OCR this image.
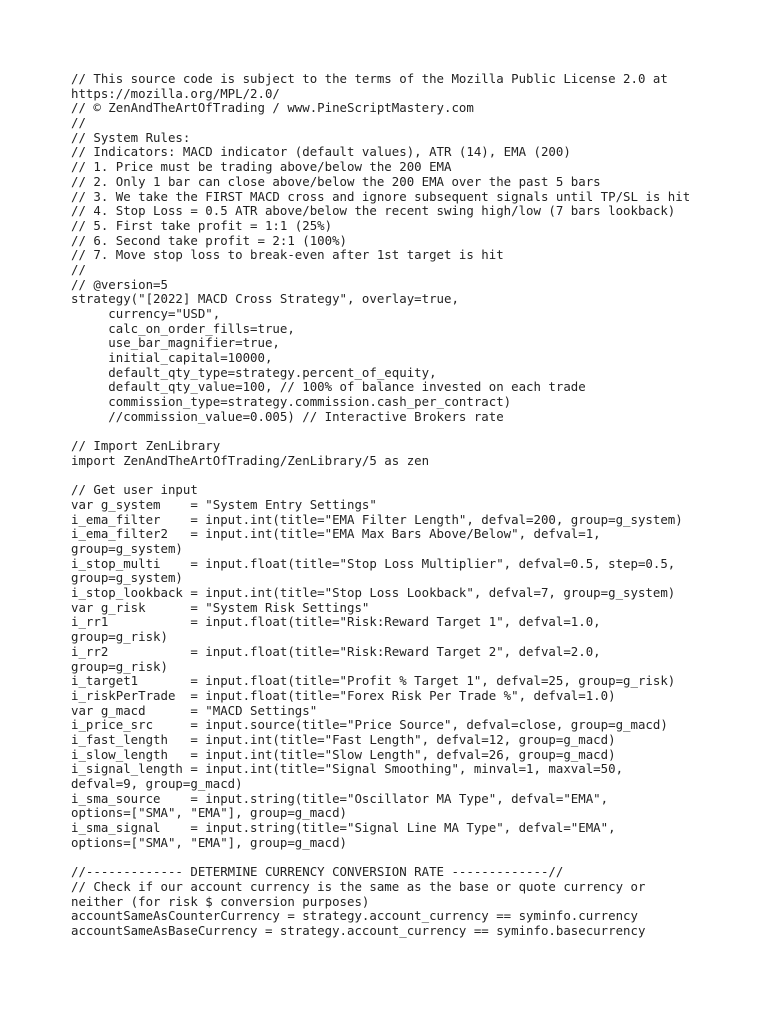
// This source code is subject to the terms of the Mozilla Public License 2.0 at
https://mozilla.org/MPL/2.0/
// © ZenAndTheArtOfTrading / www.PineScriptMastery.com
//
// System Rules:
// Indicators: MACD indicator (default values), ATR (14), EMA (200)
// 1. Price must be trading above/below the 200 EMA
// 2. Only 1 bar can close above/below the 200 EMA over the past 5 bars
// 3. We take the FIRST MACD cross and ignore subsequent signals until TP/SL is hit
// 4. Stop Loss = 0.5 ATR above/below the recent swing high/low (7 bars lookback)
// 5. First take profit = 1:1 (25%)
// 6. Second take profit = 2:1 (100%)
// 7. Move stop loss to break-even after 1st target is hit
//
// @version=5
strategy("[2022] MACD Cross Strategy", overlay=true,
currency="USD",
calc_on_order_fills=true,
use_bar_magnifier=true,
initial_capital=10000,
default_qty_type=strategy.percent_of_equity,
default_qty_value=100, // 100% of balance invested on each trade
commission_type=strategy.commission.cash_per_contract)
//commission_value=0.005) // Interactive Brokers rate
// Import ZenLibrary
import ZenAndTheArtOfTrading/ZenLibrary/5 as zen
// Get user input
var g_system    = "System Entry Settings"
i_ema_filter    = input.int(title="EMA Filter Length", defval=200, group=g_system)
i_ema_filter2   = input.int(title="EMA Max Bars Above/Below", defval=1,
group=g_system)
i_stop_multi    = input.float(title="Stop Loss Multiplier", defval=0.5, step=0.5,
group=g_system)
i_stop_lookback = input.int(title="Stop Loss Lookback", defval=7, group=g_system)
var g_risk      = "System Risk Settings"
i_rr1           = input.float(title="Risk:Reward Target 1", defval=1.0,
group=g_risk)
i_rr2           = input.float(title="Risk:Reward Target 2", defval=2.0,
group=g_risk)
i_target1       = input.float(title="Profit % Target 1", defval=25, group=g_risk)
i_riskPerTrade  = input.float(title="Forex Risk Per Trade %", defval=1.0)
var g_macd      = "MACD Settings"
i_price_src     = input.source(title="Price Source", defval=close, group=g_macd)
i_fast_length   = input.int(title="Fast Length", defval=12, group=g_macd)
i_slow_length   = input.int(title="Slow Length", defval=26, group=g_macd)
i_signal_length = input.int(title="Signal Smoothing", minval=1, maxval=50,
defval=9, group=g_macd)
i_sma_source    = input.string(title="Oscillator MA Type", defval="EMA",
options=["SMA", "EMA"], group=g_macd)
i_sma_signal    = input.string(title="Signal Line MA Type", defval="EMA",
options=["SMA", "EMA"], group=g_macd)
//------------- DETERMINE CURRENCY CONVERSION RATE -------------//
// Check if our account currency is the same as the base or quote currency or
neither (for risk $ conversion purposes)
accountSameAsCounterCurrency = strategy.account_currency == syminfo.currency
accountSameAsBaseCurrency = strategy.account_currency == syminfo.basecurrency
